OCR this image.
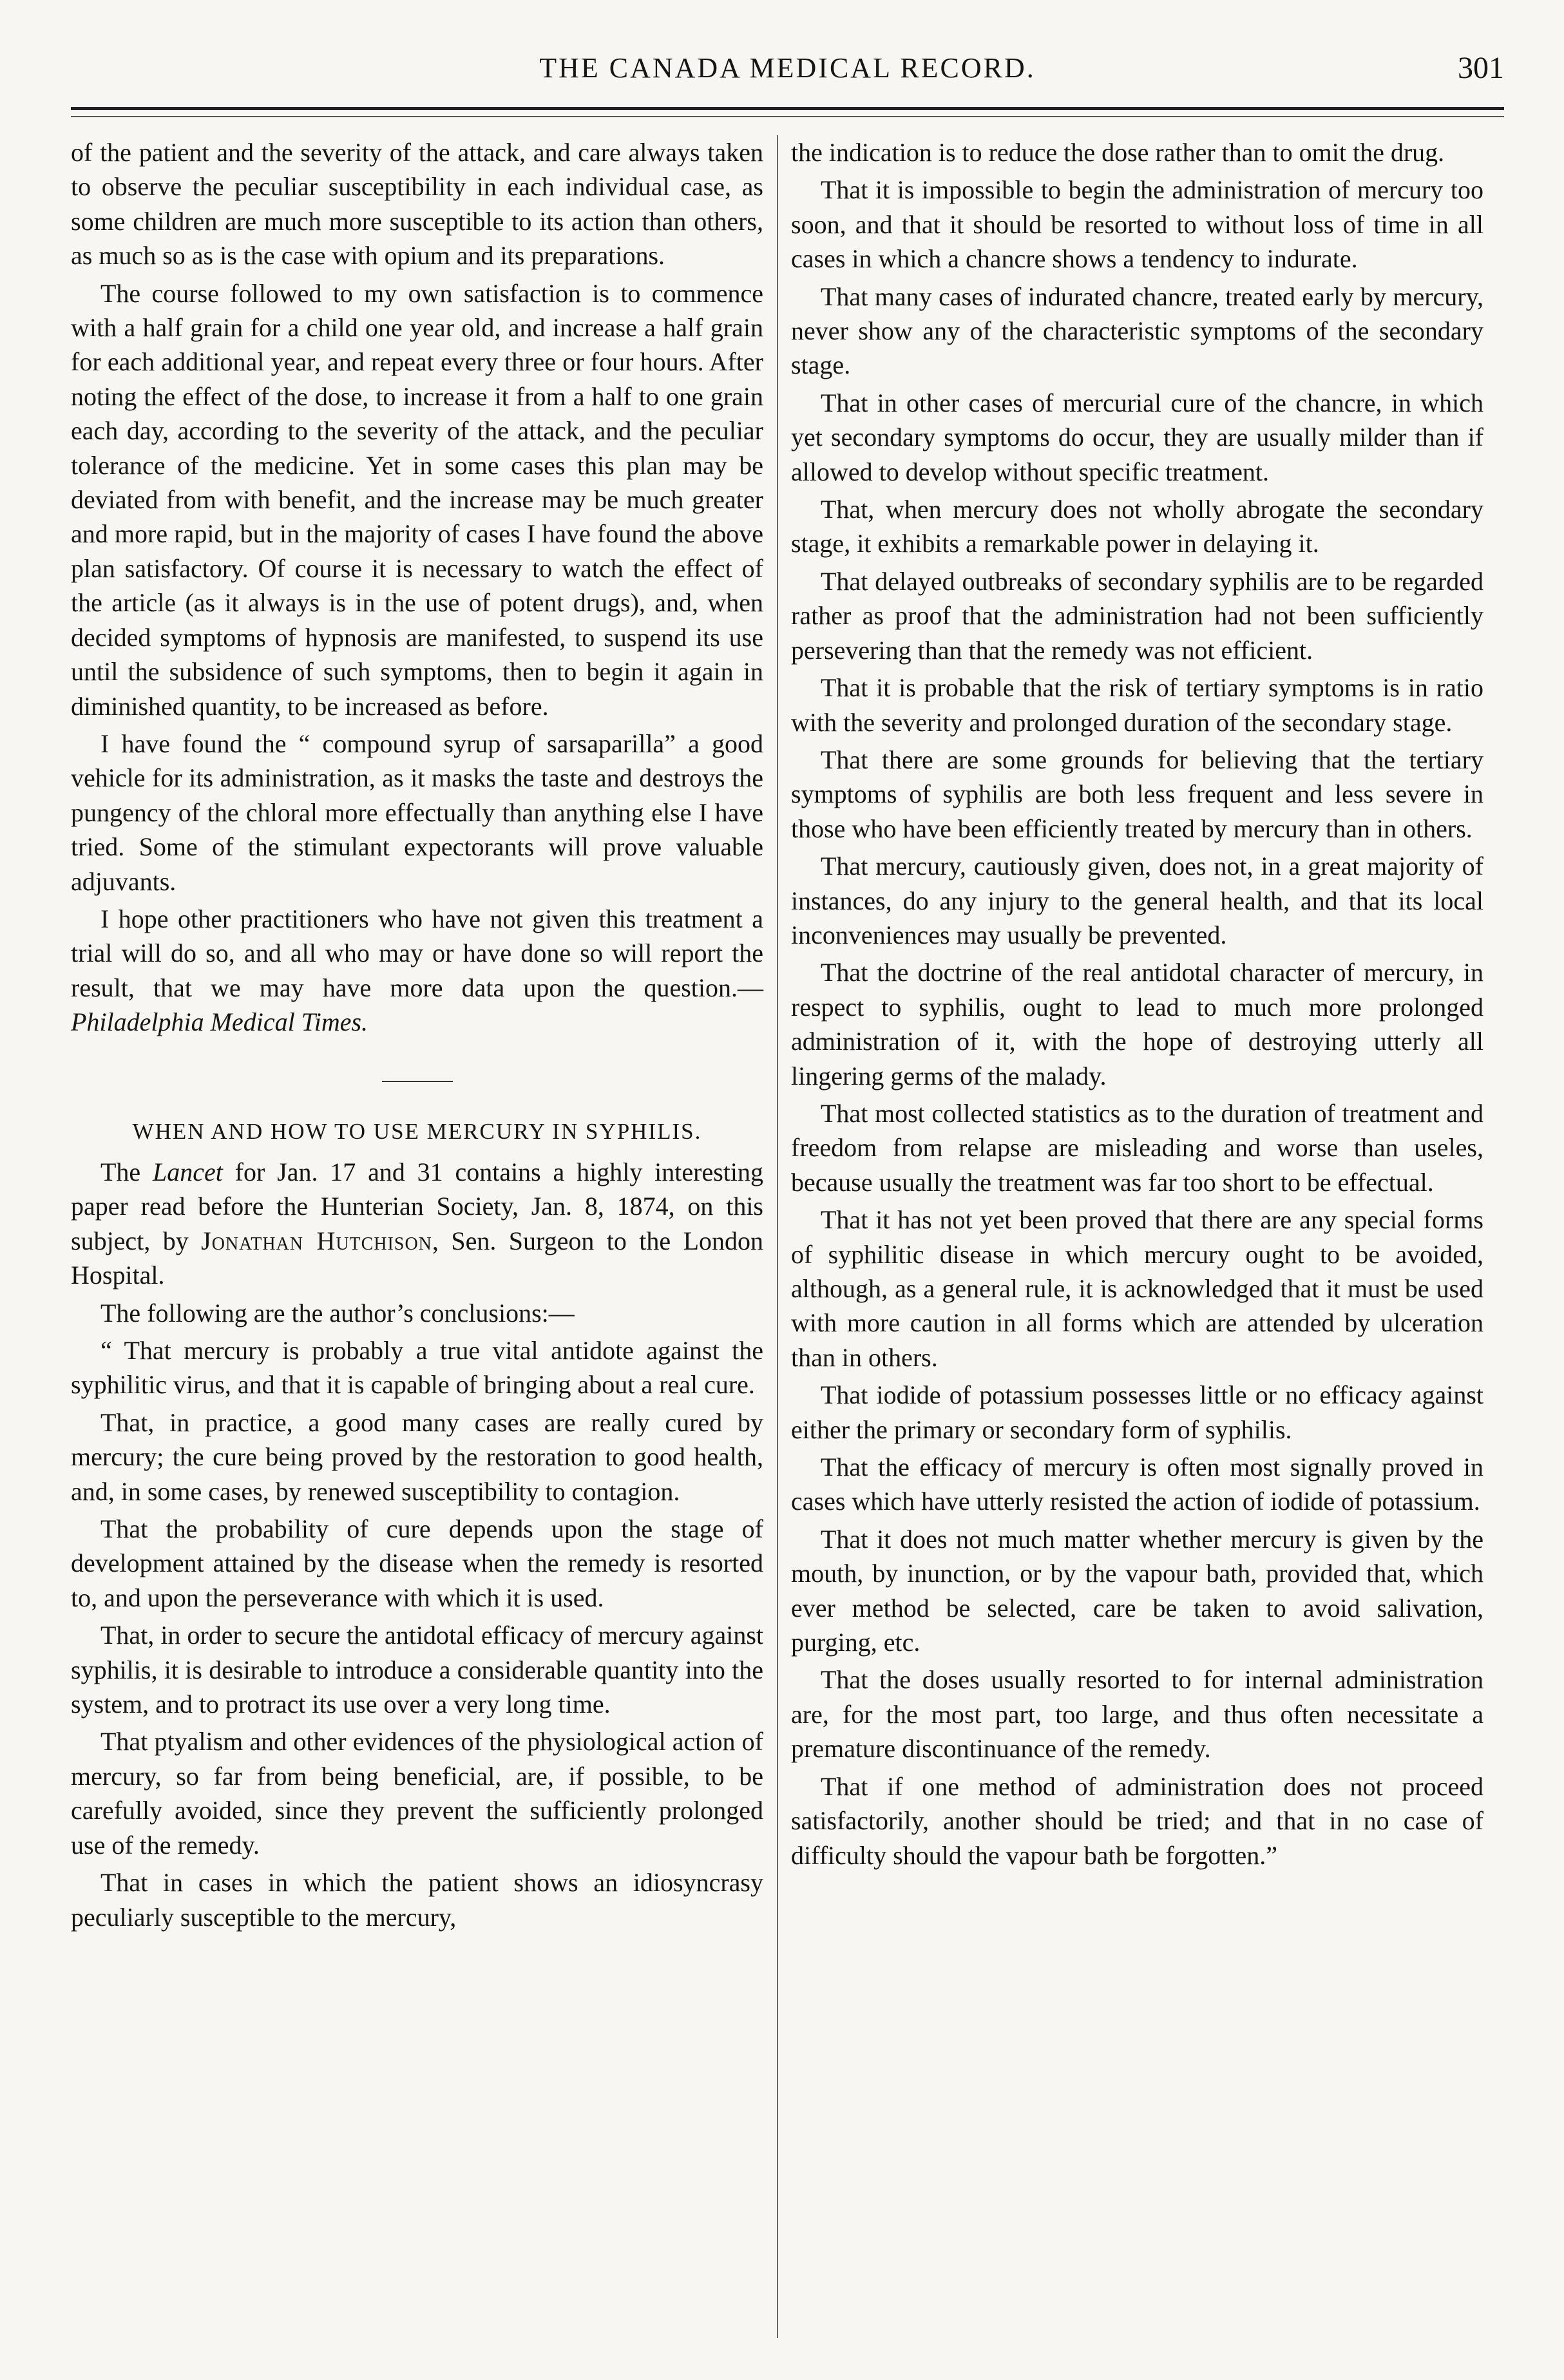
THE CANADA MEDICAL RECORD.	301

of the patient and the severity of the attack, and care always taken to observe the peculiar susceptibility in each individual case, as some children are much more susceptible to its action than others, as much so as is the case with opium and its preparations.

The course followed to my own satisfaction is to commence with a half grain for a child one year old, and increase a half grain for each additional year, and repeat every three or four hours. After noting the effect of the dose, to increase it from a half to one grain each day, according to the severity of the attack, and the peculiar tolerance of the medicine. Yet in some cases this plan may be deviated from with benefit, and the increase may be much greater and more rapid, but in the majority of cases I have found the above plan satisfactory. Of course it is necessary to watch the effect of the article (as it always is in the use of potent drugs), and, when decided symptoms of hypnosis are manifested, to suspend its use until the subsidence of such symptoms, then to begin it again in diminished quantity, to be increased as before.

I have found the “ compound syrup of sarsaparilla” a good vehicle for its administration, as it masks the taste and destroys the pungency of the chloral more effectually than anything else I have tried. Some of the stimulant expectorants will prove valuable adjuvants.

I hope other practitioners who have not given this treatment a trial will do so, and all who may or have done so will report the result, that we may have more data upon the question.—Philadelphia Medical Times.

WHEN AND HOW TO USE MERCURY IN SYPHILIS.

The Lancet for Jan. 17 and 31 contains a highly interesting paper read before the Hunterian Society, Jan. 8, 1874, on this subject, by Jonathan Hutchison, Sen. Surgeon to the London Hospital.

The following are the author’s conclusions:—

“ That mercury is probably a true vital antidote against the syphilitic virus, and that it is capable of bringing about a real cure.

That, in practice, a good many cases are really cured by mercury; the cure being proved by the restoration to good health, and, in some cases, by renewed susceptibility to contagion.

That the probability of cure depends upon the stage of development attained by the disease when the remedy is resorted to, and upon the perseverance with which it is used.

That, in order to secure the antidotal efficacy of mercury against syphilis, it is desirable to introduce a considerable quantity into the system, and to protract its use over a very long time.

That ptyalism and other evidences of the physiological action of mercury, so far from being beneficial, are, if possible, to be carefully avoided, since they prevent the sufficiently prolonged use of the remedy.

That in cases in which the patient shows an idiosyncrasy peculiarly susceptible to the mercury,

the indication is to reduce the dose rather than to omit the drug.

That it is impossible to begin the administration of mercury too soon, and that it should be resorted to without loss of time in all cases in which a chancre shows a tendency to indurate.

That many cases of indurated chancre, treated early by mercury, never show any of the characteristic symptoms of the secondary stage.

That in other cases of mercurial cure of the chancre, in which yet secondary symptoms do occur, they are usually milder than if allowed to develop without specific treatment.

That, when mercury does not wholly abrogate the secondary stage, it exhibits a remarkable power in delaying it.

That delayed outbreaks of secondary syphilis are to be regarded rather as proof that the administration had not been sufficiently persevering than that the remedy was not efficient.

That it is probable that the risk of tertiary symptoms is in ratio with the severity and prolonged duration of the secondary stage.

That there are some grounds for believing that the tertiary symptoms of syphilis are both less frequent and less severe in those who have been efficiently treated by mercury than in others.

That mercury, cautiously given, does not, in a great majority of instances, do any injury to the general health, and that its local inconveniences may usually be prevented.

That the doctrine of the real antidotal character of mercury, in respect to syphilis, ought to lead to much more prolonged administration of it, with the hope of destroying utterly all lingering germs of the malady.

That most collected statistics as to the duration of treatment and freedom from relapse are misleading and worse than useles, because usually the treatment was far too short to be effectual.

That it has not yet been proved that there are any special forms of syphilitic disease in which mercury ought to be avoided, although, as a general rule, it is acknowledged that it must be used with more caution in all forms which are attended by ulceration than in others.

That iodide of potassium possesses little or no efficacy against either the primary or secondary form of syphilis.

That the efficacy of mercury is often most signally proved in cases which have utterly resisted the action of iodide of potassium.

That it does not much matter whether mercury is given by the mouth, by inunction, or by the vapour bath, provided that, which ever method be selected, care be taken to avoid salivation, purging, etc.

That the doses usually resorted to for internal administration are, for the most part, too large, and thus often necessitate a premature discontinuance of the remedy.

That if one method of administration does not proceed satisfactorily, another should be tried; and that in no case of difficulty should the vapour bath be forgotten.”
